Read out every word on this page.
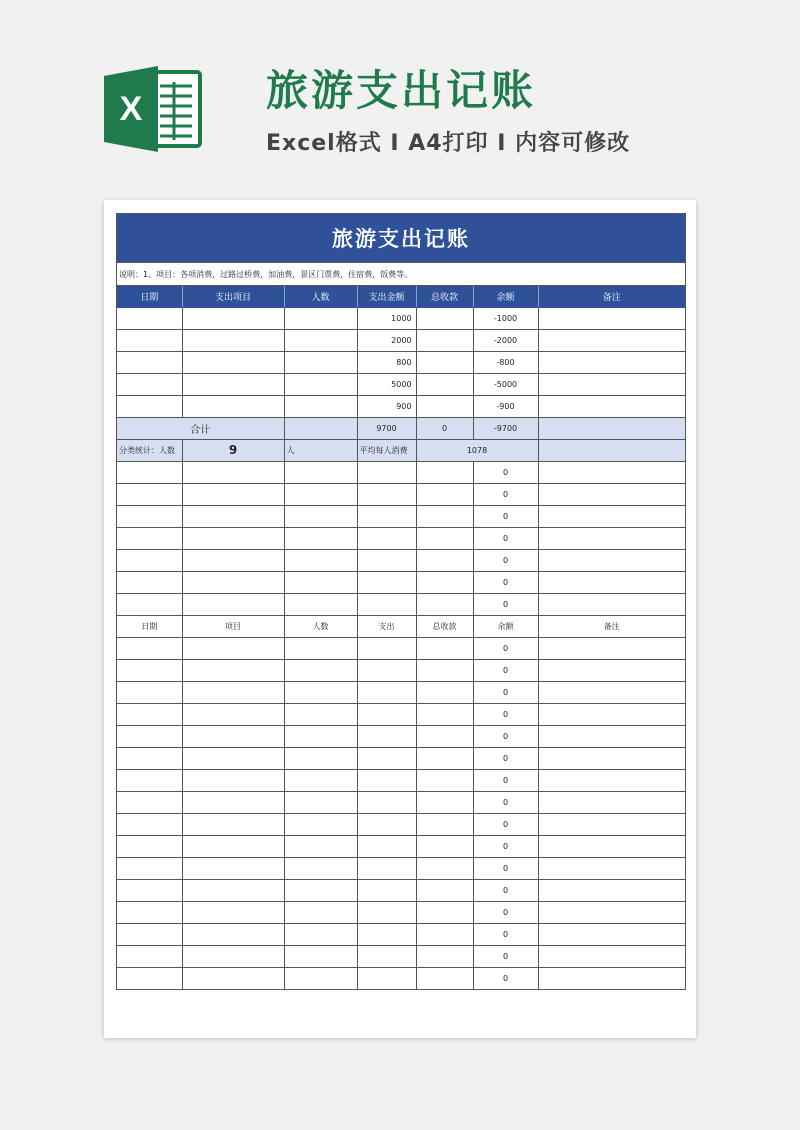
X	旅游支出记账
Excel格式 I A4打印 I 内容可修改
旅游支出记账
说明：1、项目：各项消费，过路过桥费，加油费，景区门票费，住宿费，饭费等。
日期	支出项目	人数	支出金额	总收款	余额	备注
			1000		-1000	
			2000		-2000	
			800		-800	
			5000		-5000	
			900		-900	
合计			9700	0	-9700	
分类统计：人数	9	人	平均每人消费	1078		
					0	
					0	
					0	
					0	
					0	
					0	
					0	
日期	项目	人数	支出	总收款	余额	备注
					0	
					0	
					0	
					0	
					0	
					0	
					0	
					0	
					0	
					0	
					0	
					0	
					0	
					0	
					0	
					0	
